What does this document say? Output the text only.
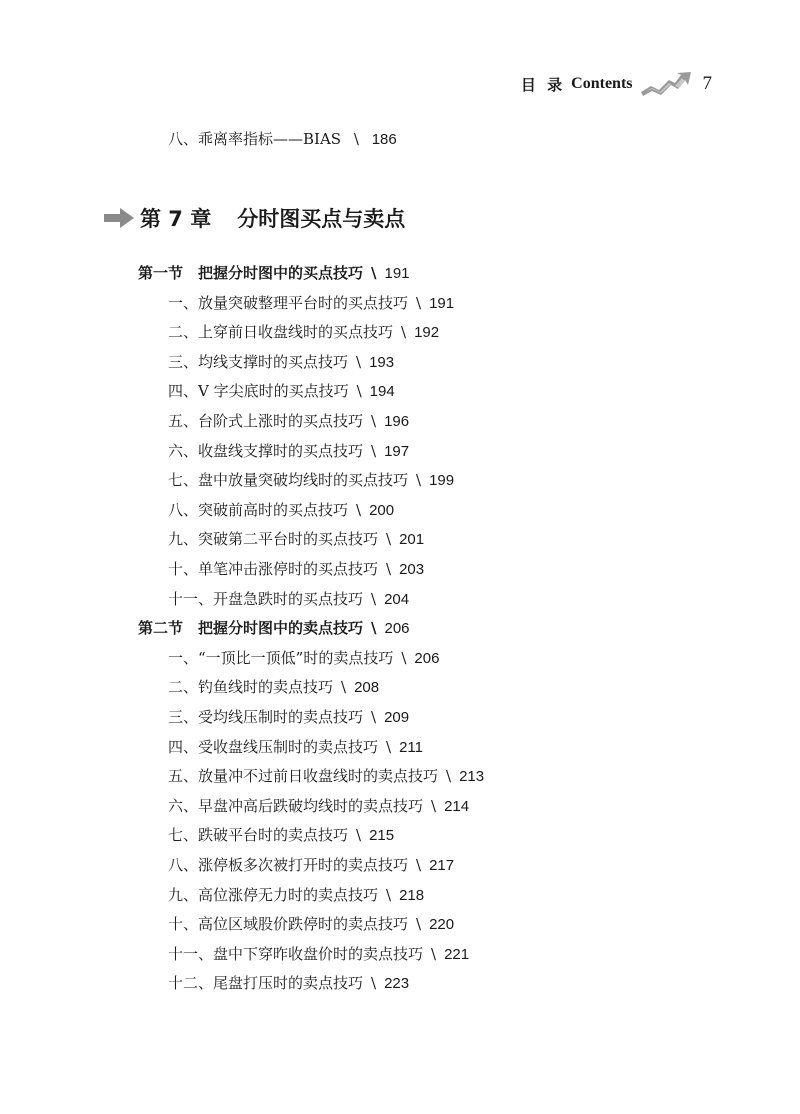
目 录 Contents	7
八、乖离率指标——BIAS \ 186
第 7 章 分时图买点与卖点
第一节　把握分时图中的买点技巧 \ 191
一、放量突破整理平台时的买点技巧 \ 191
二、上穿前日收盘线时的买点技巧 \ 192
三、均线支撑时的买点技巧 \ 193
四、V 字尖底时的买点技巧 \ 194
五、台阶式上涨时的买点技巧 \ 196
六、收盘线支撑时的买点技巧 \ 197
七、盘中放量突破均线时的买点技巧 \ 199
八、突破前高时的买点技巧 \ 200
九、突破第二平台时的买点技巧 \ 201
十、单笔冲击涨停时的买点技巧 \ 203
十一、开盘急跌时的买点技巧 \ 204
第二节　把握分时图中的卖点技巧 \ 206
一、“一顶比一顶低”时的卖点技巧 \ 206
二、钓鱼线时的卖点技巧 \ 208
三、受均线压制时的卖点技巧 \ 209
四、受收盘线压制时的卖点技巧 \ 211
五、放量冲不过前日收盘线时的卖点技巧 \ 213
六、早盘冲高后跌破均线时的卖点技巧 \ 214
七、跌破平台时的卖点技巧 \ 215
八、涨停板多次被打开时的卖点技巧 \ 217
九、高位涨停无力时的卖点技巧 \ 218
十、高位区域股价跌停时的卖点技巧 \ 220
十一、盘中下穿昨收盘价时的卖点技巧 \ 221
十二、尾盘打压时的卖点技巧 \ 223
